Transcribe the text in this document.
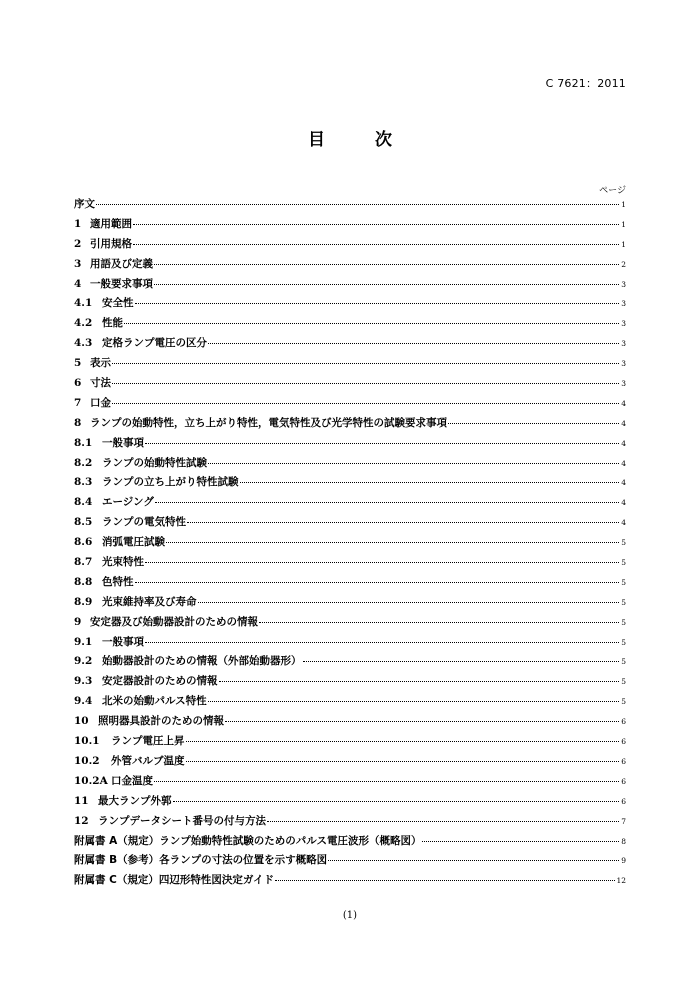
C 7621：2011
目 次
ページ
序文	1
1 適用範囲	1
2 引用規格	1
3 用語及び定義	2
4 一般要求事項	3
4.1 安全性	3
4.2 性能	3
4.3 定格ランプ電圧の区分	3
5 表示	3
6 寸法	3
7 口金	4
8 ランプの始動特性，立ち上がり特性，電気特性及び光学特性の試験要求事項	4
8.1 一般事項	4
8.2 ランプの始動特性試験	4
8.3 ランプの立ち上がり特性試験	4
8.4 エージング	4
8.5 ランプの電気特性	4
8.6 消弧電圧試験	5
8.7 光束特性	5
8.8 色特性	5
8.9 光束維持率及び寿命	5
9 安定器及び始動器設計のための情報	5
9.1 一般事項	5
9.2 始動器設計のための情報（外部始動器形）	5
9.3 安定器設計のための情報	5
9.4 北米の始動パルス特性	5
10 照明器具設計のための情報	6
10.1	ランプ電圧上昇	6
10.2	外管バルブ温度	6
10.2A 口金温度	6
11 最大ランプ外郭	6
12 ランプデータシート番号の付与方法	7
附属書 A（規定）ランプ始動特性試験のためのパルス電圧波形（概略図）	8
附属書 B（参考）各ランプの寸法の位置を示す概略図	9
附属書 C（規定）四辺形特性図決定ガイド	12
(1)
